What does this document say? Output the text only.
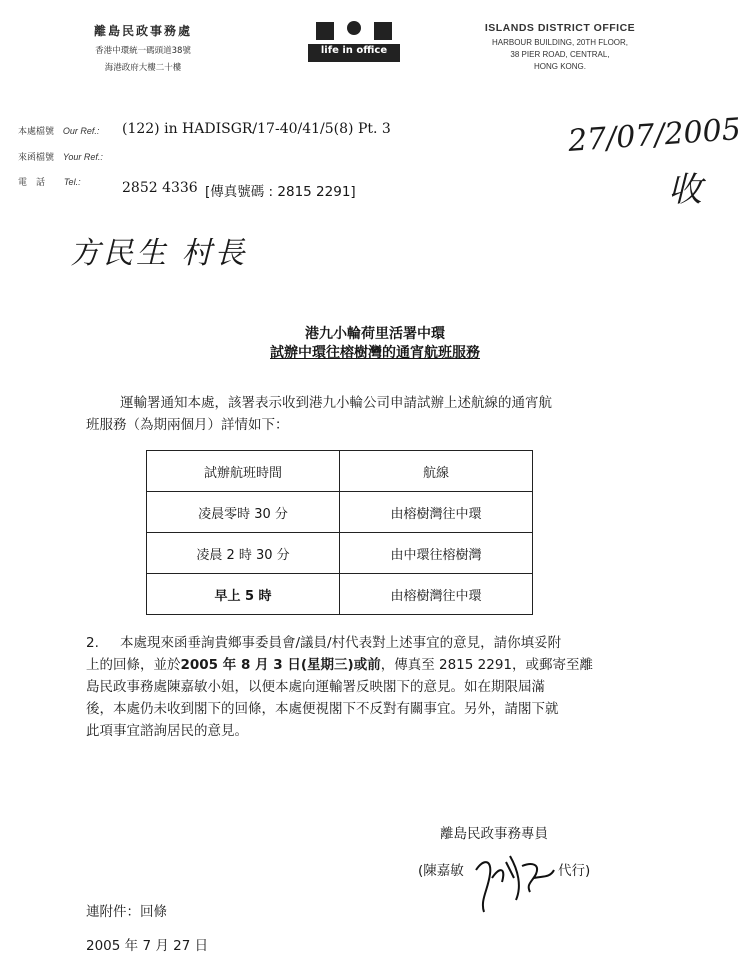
離島民政事務處
香港中環統一碼頭道38號
海港政府大樓二十樓
life in office
ISLANDS DISTRICT OFFICE
HARBOUR BUILDING, 20TH FLOOR,
38 PIER ROAD, CENTRAL,
HONG KONG.
本處檔號 Our Ref.: (122) in HADISGR/17-40/41/5(8) Pt. 3
來函檔號 Your Ref.:
電　話 Tel.:	2852 4336 [傳真號碼 : 2815 2291]
27/07/2005
收
方民生 村長
港九小輪荷里活署中環
試辦中環往榕樹灣的通宵航班服務
運輸署通知本處，該署表示收到港九小輪公司申請試辦上述航線的通宵航
班服務（為期兩個月）詳情如下：
試辦航班時間	航線
凌晨零時 30 分	由榕樹灣往中環
凌晨 2 時 30 分	由中環往榕樹灣
早上 5 時	由榕樹灣往中環
2. 本處現來函垂詢貴鄉事委員會/議員/村代表對上述事宜的意見，請你填妥附
上的回條，並於2005 年 8 月 3 日(星期三)或前，傳真至 2815 2291，或郵寄至離
島民政事務處陳嘉敏小姐，以便本處向運輸署反映閣下的意見。如在期限屆滿
後，本處仍未收到閣下的回條，本處便視閣下不反對有關事宜。另外，請閣下就
此項事宜諮詢居民的意見。
離島民政事務專員
(陳嘉敏	代行)
連附件：回條
2005 年 7 月 27 日
